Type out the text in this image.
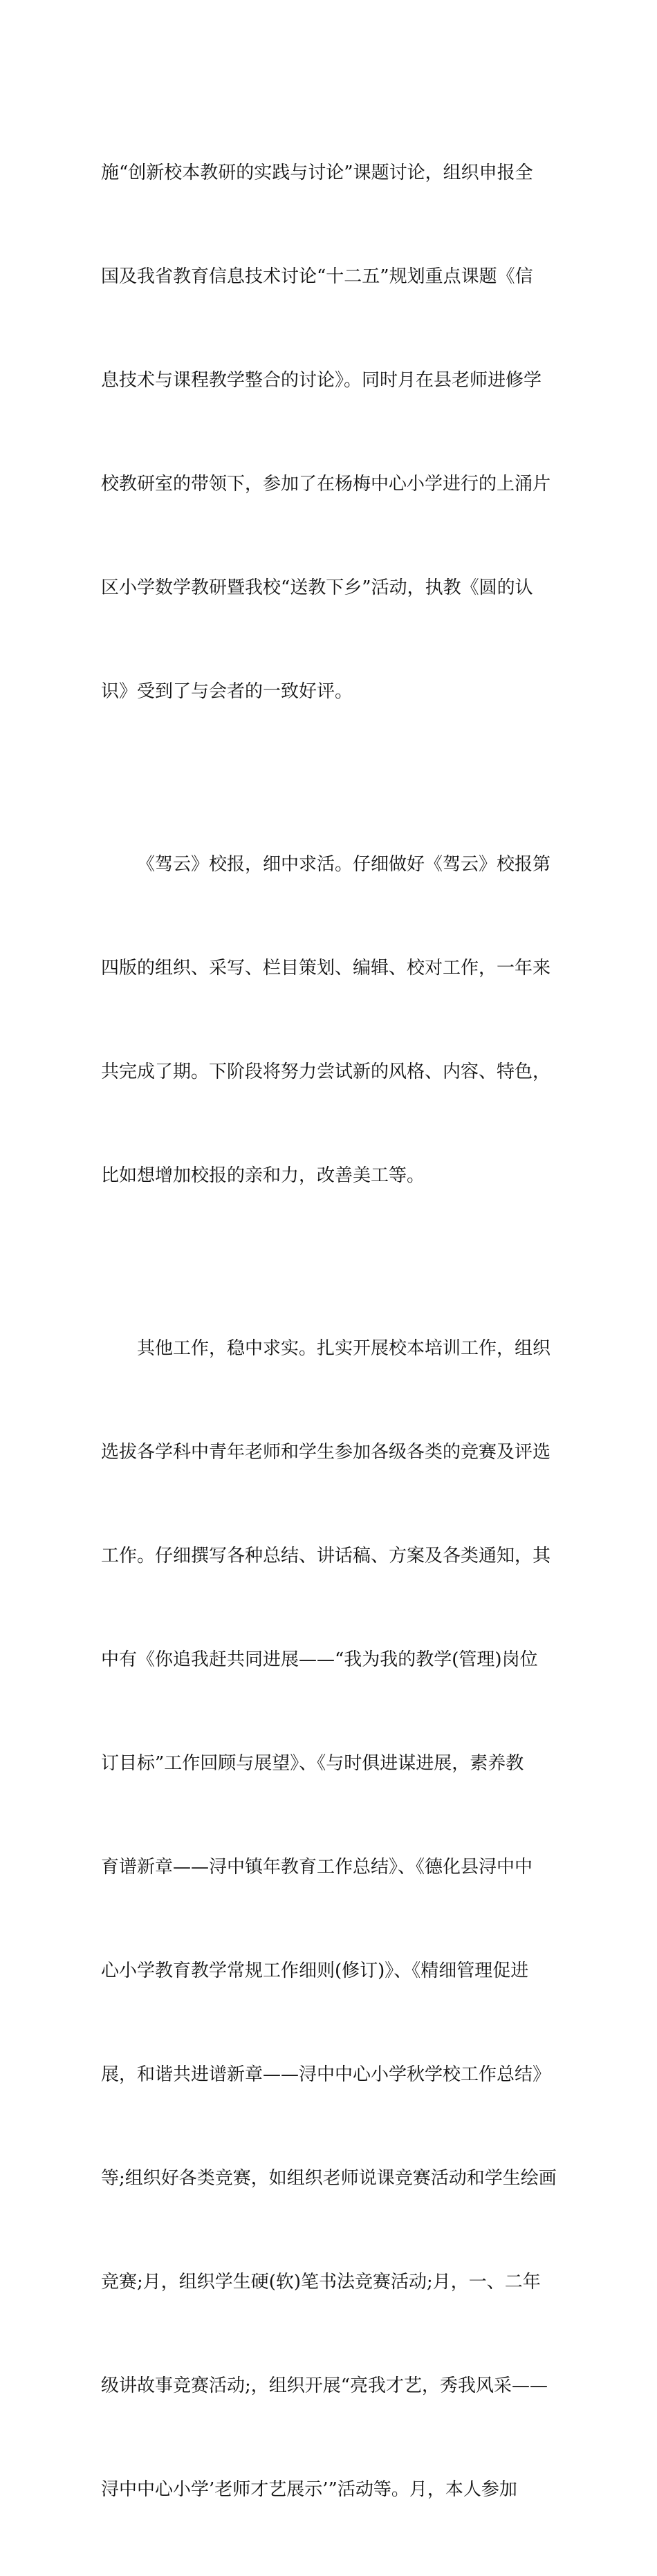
施“创新校本教研的实践与讨论”课题讨论，组织申报全

国及我省教育信息技术讨论“十二五”规划重点课题《信

息技术与课程教学整合的讨论》。同时月在县老师进修学

校教研室的带领下，参加了在杨梅中心小学进行的上涌片

区小学数学教研暨我校“送教下乡”活动，执教《圆的认

识》受到了与会者的一致好评。

《驾云》校报，细中求活。仔细做好《驾云》校报第

四版的组织、采写、栏目策划、编辑、校对工作，一年来

共完成了期。下阶段将努力尝试新的风格、内容、特色，

比如想增加校报的亲和力，改善美工等。

其他工作，稳中求实。扎实开展校本培训工作，组织

选拔各学科中青年老师和学生参加各级各类的竞赛及评选

工作。仔细撰写各种总结、讲话稿、方案及各类通知，其

中有《你追我赶共同进展——“我为我的教学(管理)岗位

订目标”工作回顾与展望》、《与时俱进谋进展，素养教

育谱新章——浔中镇年教育工作总结》、《德化县浔中中

心小学教育教学常规工作细则(修订)》、《精细管理促进

展，和谐共进谱新章——浔中中心小学秋学校工作总结》

等;组织好各类竞赛，如组织老师说课竞赛活动和学生绘画

竞赛;月，组织学生硬(软)笔书法竞赛活动;月，一、二年

级讲故事竞赛活动;，组织开展“亮我才艺，秀我风采——

浔中中心小学’老师才艺展示’”活动等。月，本人参加
